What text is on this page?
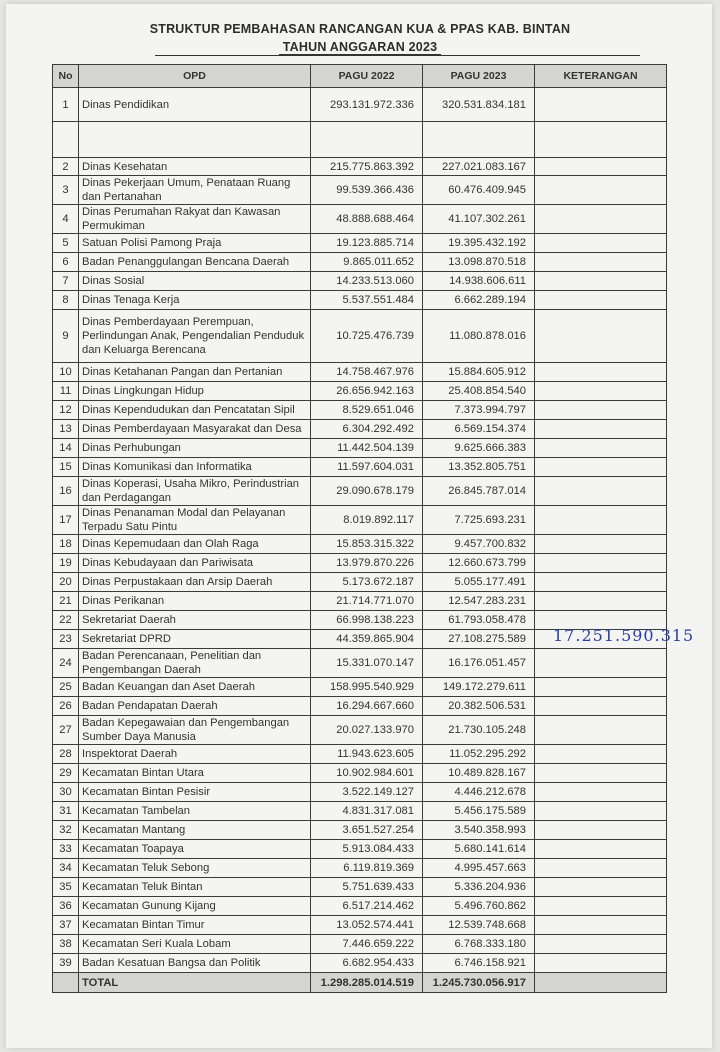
STRUKTUR PEMBAHASAN RANCANGAN KUA & PPAS KAB. BINTAN
TAHUN ANGGARAN 2023
No	OPD	PAGU 2022	PAGU 2023	KETERANGAN
1	Dinas Pendidikan	293.131.972.336	320.531.834.181	

2	Dinas Kesehatan	215.775.863.392	227.021.083.167	
3	Dinas Pekerjaan Umum, Penataan Ruang dan Pertanahan	99.539.366.436	60.476.409.945	
4	Dinas Perumahan Rakyat dan Kawasan Permukiman	48.888.688.464	41.107.302.261	
5	Satuan Polisi Pamong Praja	19.123.885.714	19.395.432.192	
6	Badan Penanggulangan Bencana Daerah	9.865.011.652	13.098.870.518	
7	Dinas Sosial	14.233.513.060	14.938.606.611	
8	Dinas Tenaga Kerja	5.537.551.484	6.662.289.194	
9	Dinas Pemberdayaan Perempuan, Perlindungan Anak, Pengendalian Penduduk dan Keluarga Berencana	10.725.476.739	11.080.878.016	
10	Dinas Ketahanan Pangan dan Pertanian	14.758.467.976	15.884.605.912	
11	Dinas Lingkungan Hidup	26.656.942.163	25.408.854.540	
12	Dinas Kependudukan dan Pencatatan Sipil	8.529.651.046	7.373.994.797	
13	Dinas Pemberdayaan Masyarakat dan Desa	6.304.292.492	6.569.154.374	
14	Dinas Perhubungan	11.442.504.139	9.625.666.383	
15	Dinas Komunikasi dan Informatika	11.597.604.031	13.352.805.751	
16	Dinas Koperasi, Usaha Mikro, Perindustrian dan Perdagangan	29.090.678.179	26.845.787.014	
17	Dinas Penanaman Modal dan Pelayanan Terpadu Satu Pintu	8.019.892.117	7.725.693.231	
18	Dinas Kepemudaan dan Olah Raga	15.853.315.322	9.457.700.832	
19	Dinas Kebudayaan dan Pariwisata	13.979.870.226	12.660.673.799	
20	Dinas Perpustakaan dan Arsip Daerah	5.173.672.187	5.055.177.491	
21	Dinas Perikanan	21.714.771.070	12.547.283.231	
22	Sekretariat Daerah	66.998.138.223	61.793.058.478	
23	Sekretariat DPRD	44.359.865.904	27.108.275.589	17.251.590.315

24	Badan Perencanaan, Penelitian dan Pengembangan Daerah	15.331.070.147	16.176.051.457	
25	Badan Keuangan dan Aset Daerah	158.995.540.929	149.172.279.611	
26	Badan Pendapatan Daerah	16.294.667.660	20.382.506.531	
27	Badan Kepegawaian dan Pengembangan Sumber Daya Manusia	20.027.133.970	21.730.105.248	
28	Inspektorat Daerah	11.943.623.605	11.052.295.292	
29	Kecamatan Bintan Utara	10.902.984.601	10.489.828.167	
30	Kecamatan Bintan Pesisir	3.522.149.127	4.446.212.678	
31	Kecamatan Tambelan	4.831.317.081	5.456.175.589	
32	Kecamatan Mantang	3.651.527.254	3.540.358.993	
33	Kecamatan Toapaya	5.913.084.433	5.680.141.614	
34	Kecamatan Teluk Sebong	6.119.819.369	4.995.457.663	
35	Kecamatan Teluk Bintan	5.751.639.433	5.336.204.936	
36	Kecamatan Gunung Kijang	6.517.214.462	5.496.760.862	
37	Kecamatan Bintan Timur	13.052.574.441	12.539.748.668	
38	Kecamatan Seri Kuala Lobam	7.446.659.222	6.768.333.180	
39	Badan Kesatuan Bangsa dan Politik	6.682.954.433	6.746.158.921	
	TOTAL	1.298.285.014.519	1.245.730.056.917	
